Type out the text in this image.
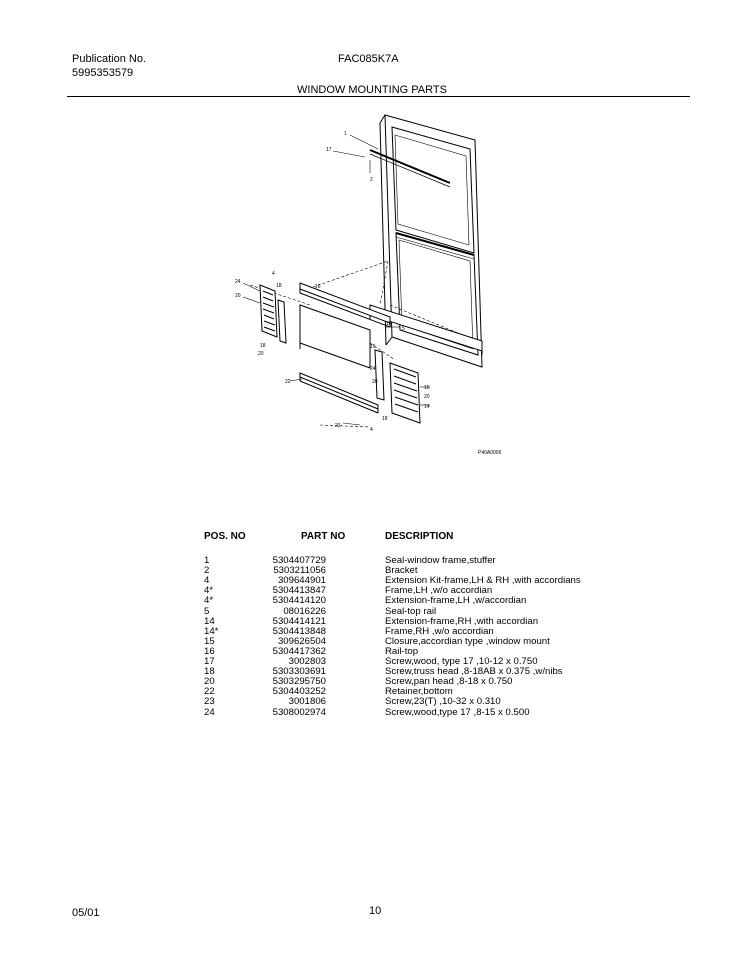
Publication No.
5995353579
FAC085K7A
WINDOW MOUNTING PARTS
1
17
2
24
4
18
20
16
18
20
5
16
15
24
20
14
15
20
22
18
23
4
P40A0006
POS. NO	PART NO	DESCRIPTION
1	5304407729	Seal-window frame,stuffer
2	5303211056	Bracket
4	309644901	Extension Kit-frame,LH & RH ,with accordians
4*	5304413847	Frame,LH ,w/o accordian
4*	5304414120	Extension-frame,LH ,w/accordian
5	08016226	Seal-top rail
14	5304414121	Extension-frame,RH ,with accordian
14*	5304413848	Frame,RH ,w/o accordian
15	309626504	Closure,accordian type ,window mount
16	5304417362	Rail-top
17	3002803	Screw,wood, type 17 ,10-12 x 0.750
18	5303303691	Screw,truss head ,8-18AB x 0.375 ,w/nibs
20	5303295750	Screw,pan head ,8-18 x 0.750
22	5304403252	Retainer,bottom
23	3001806	Screw,23(T) ,10-32 x 0.310
24	5308002974	Screw,wood,type 17 ,8-15 x 0.500
05/01	10
